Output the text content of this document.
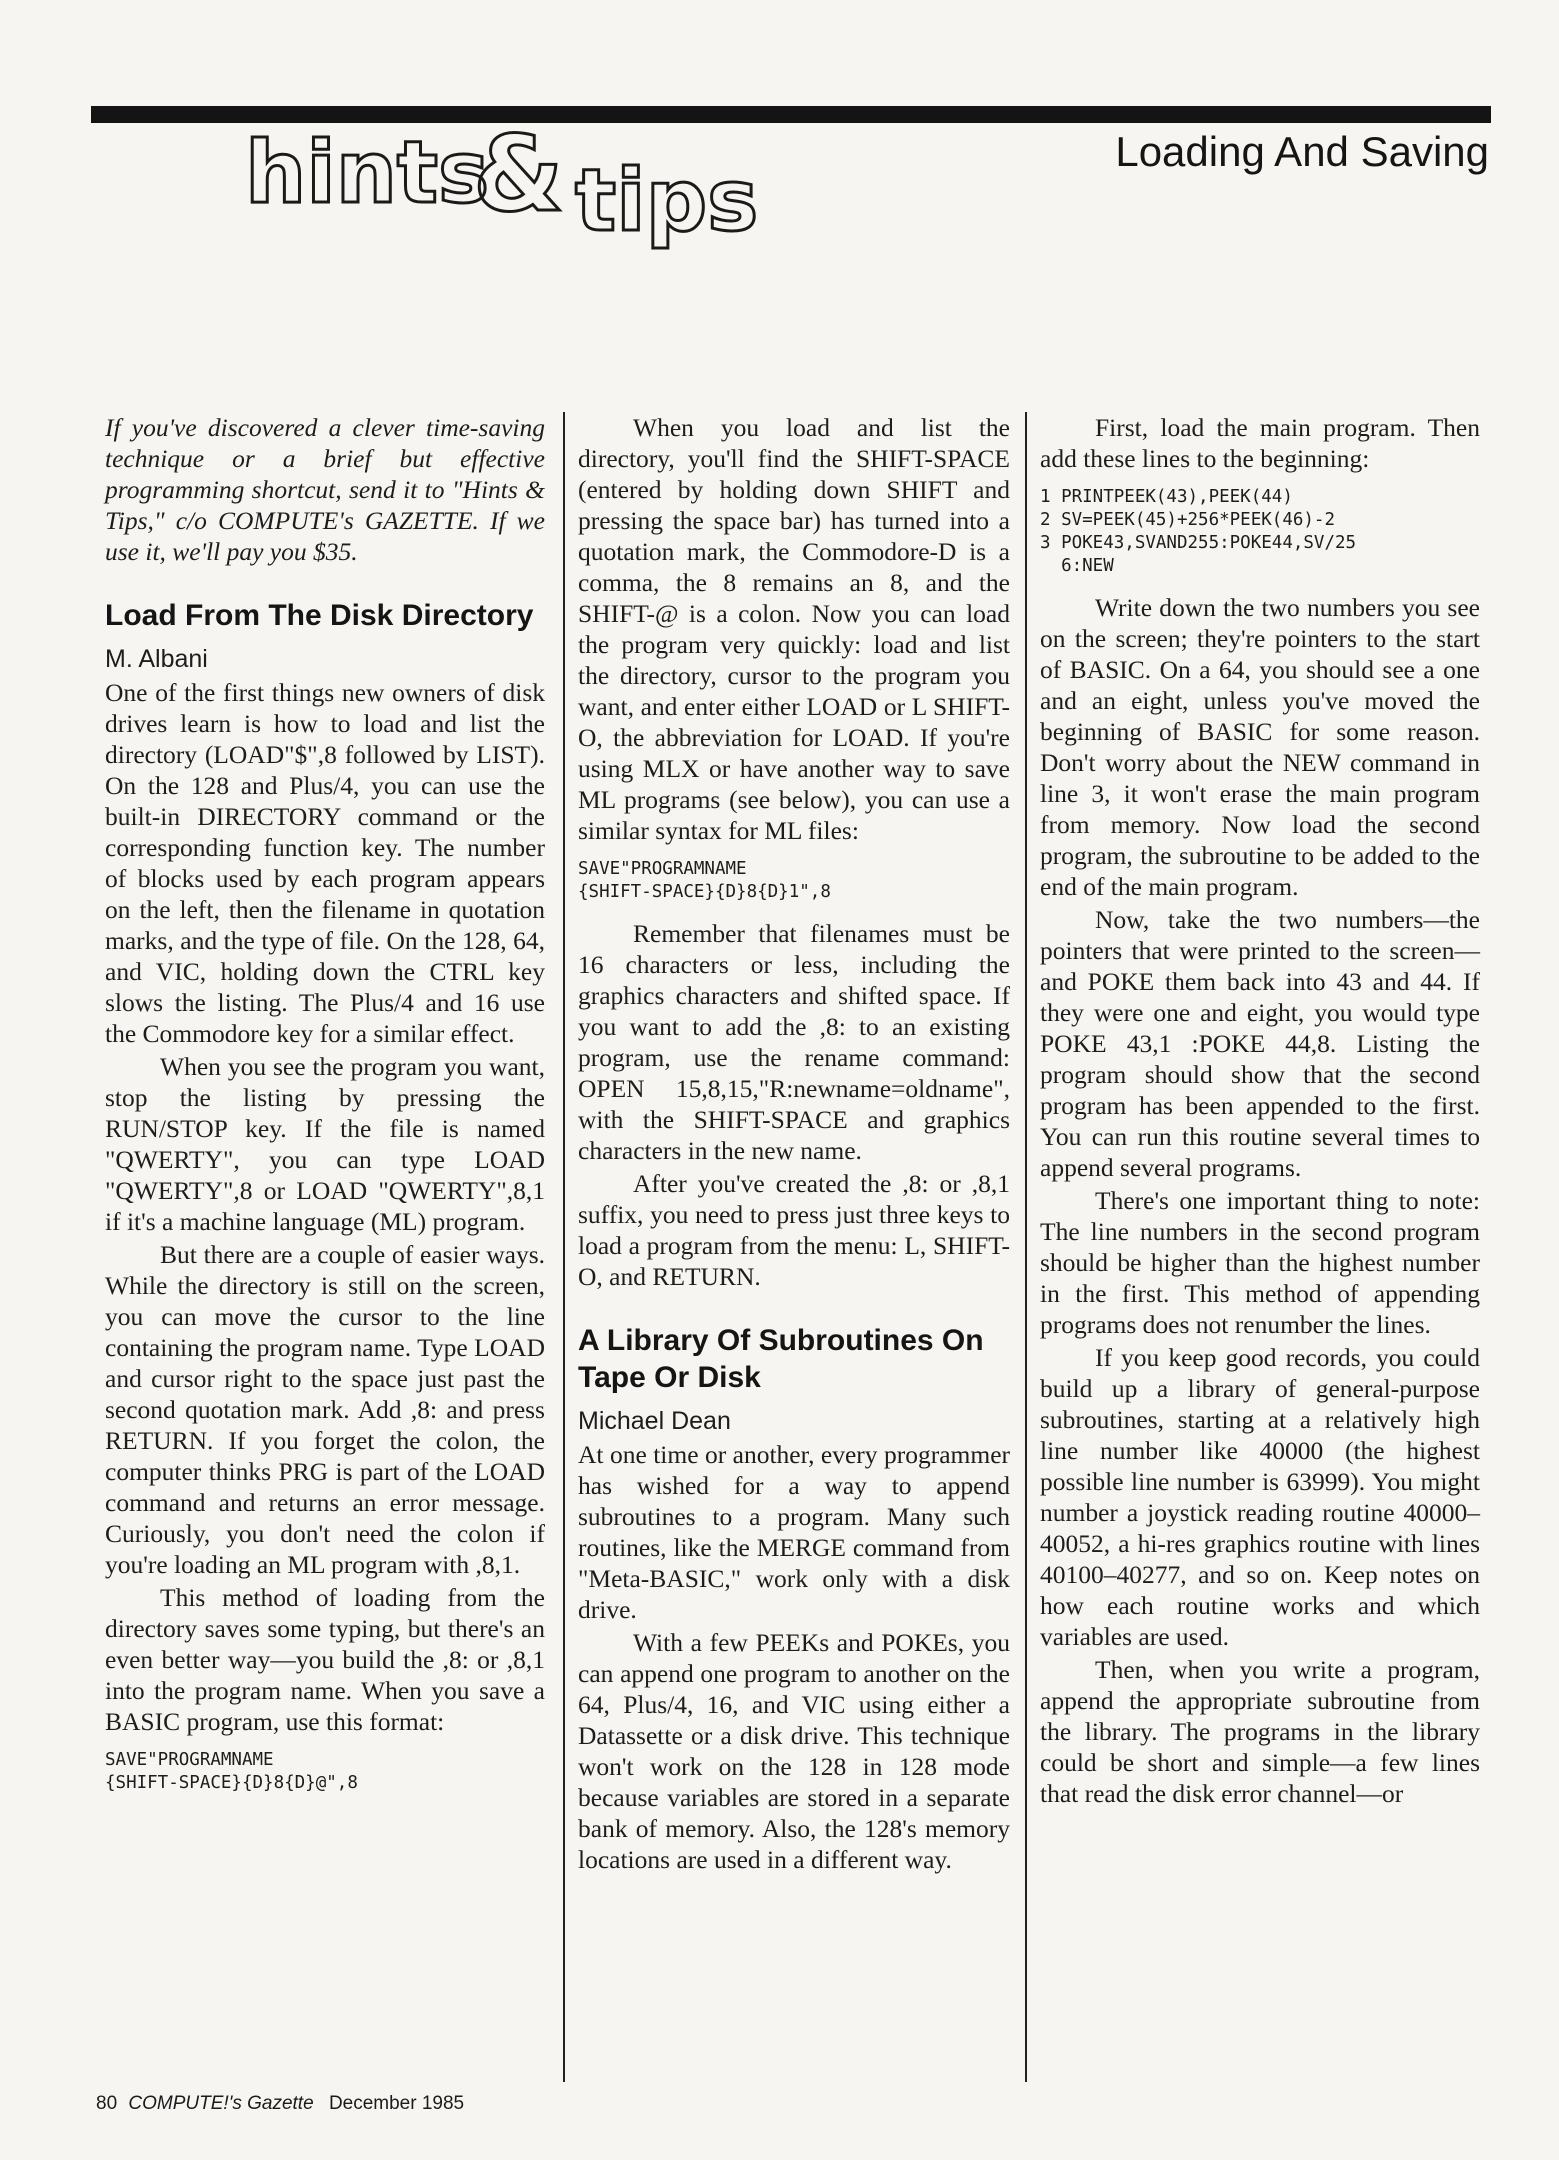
hints
& tips	Loading And Saving

If you've discovered a clever time-saving technique or a brief but effective programming shortcut, send it to "Hints & Tips," c/o COMPUTE's GAZETTE. If we use it, we'll pay you $35.

Load From The Disk Directory

M. Albani

One of the first things new owners of disk drives learn is how to load and list the directory (LOAD"$",8 followed by LIST). On the 128 and Plus/4, you can use the built-in DIRECTORY command or the corresponding function key. The number of blocks used by each program appears on the left, then the filename in quotation marks, and the type of file. On the 128, 64, and VIC, holding down the CTRL key slows the listing. The Plus/4 and 16 use the Commodore key for a similar effect.

When you see the program you want, stop the listing by pressing the RUN/STOP key. If the file is named "QWERTY", you can type LOAD "QWERTY",8 or LOAD "QWERTY",8,1 if it's a machine language (ML) program.

But there are a couple of easier ways. While the directory is still on the screen, you can move the cursor to the line containing the program name. Type LOAD and cursor right to the space just past the second quotation mark. Add ,8: and press RETURN. If you forget the colon, the computer thinks PRG is part of the LOAD command and returns an error message. Curiously, you don't need the colon if you're loading an ML program with ,8,1.

This method of loading from the directory saves some typing, but there's an even better way—you build the ,8: or ,8,1 into the program name. When you save a BASIC program, use this format:

SAVE"PROGRAMNAME
{SHIFT-SPACE}{D}8{D}@",8

When you load and list the directory, you'll find the SHIFT-SPACE (entered by holding down SHIFT and pressing the space bar) has turned into a quotation mark, the Commodore-D is a comma, the 8 remains an 8, and the SHIFT-@ is a colon. Now you can load the program very quickly: load and list the directory, cursor to the program you want, and enter either LOAD or L SHIFT-O, the abbreviation for LOAD. If you're using MLX or have another way to save ML programs (see below), you can use a similar syntax for ML files:

SAVE"PROGRAMNAME
{SHIFT-SPACE}{D}8{D}1",8

Remember that filenames must be 16 characters or less, including the graphics characters and shifted space. If you want to add the ,8: to an existing program, use the rename command: OPEN 15,8,15,"R:newname=oldname", with the SHIFT-SPACE and graphics characters in the new name.

After you've created the ,8: or ,8,1 suffix, you need to press just three keys to load a program from the menu: L, SHIFT-O, and RETURN.

A Library Of Subroutines On Tape Or Disk

Michael Dean

At one time or another, every programmer has wished for a way to append subroutines to a program. Many such routines, like the MERGE command from "Meta-BASIC," work only with a disk drive.

With a few PEEKs and POKEs, you can append one program to another on the 64, Plus/4, 16, and VIC using either a Datassette or a disk drive. This technique won't work on the 128 in 128 mode because variables are stored in a separate bank of memory. Also, the 128's memory locations are used in a different way.

First, load the main program. Then add these lines to the beginning:

1 PRINTPEEK(43),PEEK(44)
2 SV=PEEK(45)+256*PEEK(46)-2
3 POKE43,SVAND255:POKE44,SV/25
6:NEW

Write down the two numbers you see on the screen; they're pointers to the start of BASIC. On a 64, you should see a one and an eight, unless you've moved the beginning of BASIC for some reason. Don't worry about the NEW command in line 3, it won't erase the main program from memory. Now load the second program, the subroutine to be added to the end of the main program.

Now, take the two numbers—the pointers that were printed to the screen—and POKE them back into 43 and 44. If they were one and eight, you would type POKE 43,1 :POKE 44,8. Listing the program should show that the second program has been appended to the first. You can run this routine several times to append several programs.

There's one important thing to note: The line numbers in the second program should be higher than the highest number in the first. This method of appending programs does not renumber the lines.

If you keep good records, you could build up a library of general-purpose subroutines, starting at a relatively high line number like 40000 (the highest possible line number is 63999). You might number a joystick reading routine 40000–40052, a hi-res graphics routine with lines 40100–40277, and so on. Keep notes on how each routine works and which variables are used.

Then, when you write a program, append the appropriate subroutine from the library. The programs in the library could be short and simple—a few lines that read the disk error channel—or

80 COMPUTE!'s Gazette December 1985
